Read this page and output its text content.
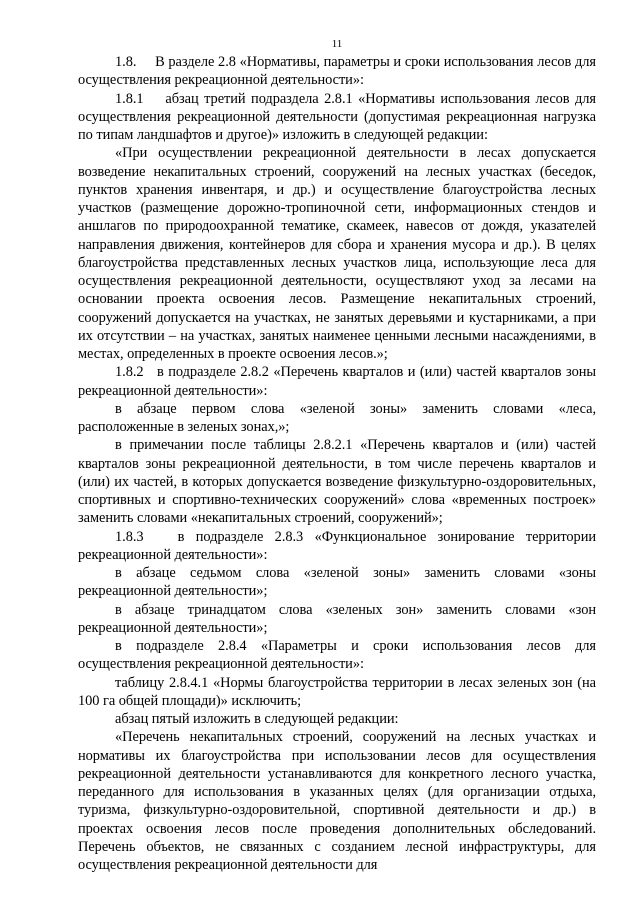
11

1.8.     В разделе 2.8 «Нормативы, параметры и сроки использования лесов для осуществления рекреационной деятельности»:

1.8.1    абзац третий подраздела 2.8.1 «Нормативы использования лесов для осуществления рекреационной деятельности (допустимая рекреационная нагрузка по типам ландшафтов и другое)» изложить в следующей редакции:

«При осуществлении рекреационной деятельности в лесах допускается возведение некапитальных строений, сооружений на лесных участках (беседок, пунктов хранения инвентаря, и др.) и осуществление благоустройства лесных участков (размещение дорожно-тропиночной сети, информационных стендов и аншлагов по природоохранной тематике, скамеек, навесов от дождя, указателей направления движения, контейнеров для сбора и хранения мусора и др.). В целях благоустройства представленных лесных участков лица, использующие леса для осуществления рекреационной деятельности, осуществляют уход за лесами на основании проекта освоения лесов. Размещение некапитальных строений, сооружений допускается на участках, не занятых деревьями и кустарниками, а при их отсутствии – на участках, занятых наименее ценными лесными насаждениями, в местах, определенных в проекте освоения лесов.»;

1.8.2   в подразделе 2.8.2 «Перечень кварталов и (или) частей кварталов зоны рекреационной деятельности»:

в абзаце первом слова «зеленой зоны» заменить словами «леса, расположенные в зеленых зонах,»;

в примечании после таблицы 2.8.2.1 «Перечень кварталов и (или) частей кварталов зоны рекреационной деятельности, в том числе перечень кварталов и (или) их частей, в которых допускается возведение физкультурно-оздоровительных, спортивных и спортивно-технических сооружений» слова «временных построек» заменить словами «некапитальных строений, сооружений»;

1.8.3   в подразделе 2.8.3 «Функциональное зонирование территории рекреационной деятельности»:

в абзаце седьмом слова «зеленой зоны» заменить словами «зоны рекреационной деятельности»;

в абзаце тринадцатом слова «зеленых зон» заменить словами «зон рекреационной деятельности»;

в подразделе 2.8.4 «Параметры и сроки использования лесов для осуществления рекреационной деятельности»:

таблицу 2.8.4.1 «Нормы благоустройства территории в лесах зеленых зон (на 100 га общей площади)» исключить;

абзац пятый изложить в следующей редакции:

«Перечень некапитальных строений, сооружений на лесных участках и нормативы их благоустройства при использовании лесов для осуществления рекреационной деятельности устанавливаются для конкретного лесного участка, переданного для использования в указанных целях (для организации отдыха, туризма, физкультурно-оздоровительной, спортивной деятельности и др.) в проектах освоения лесов после проведения дополнительных обследований. Перечень объектов, не связанных с созданием лесной инфраструктуры, для осуществления рекреационной деятельности для
